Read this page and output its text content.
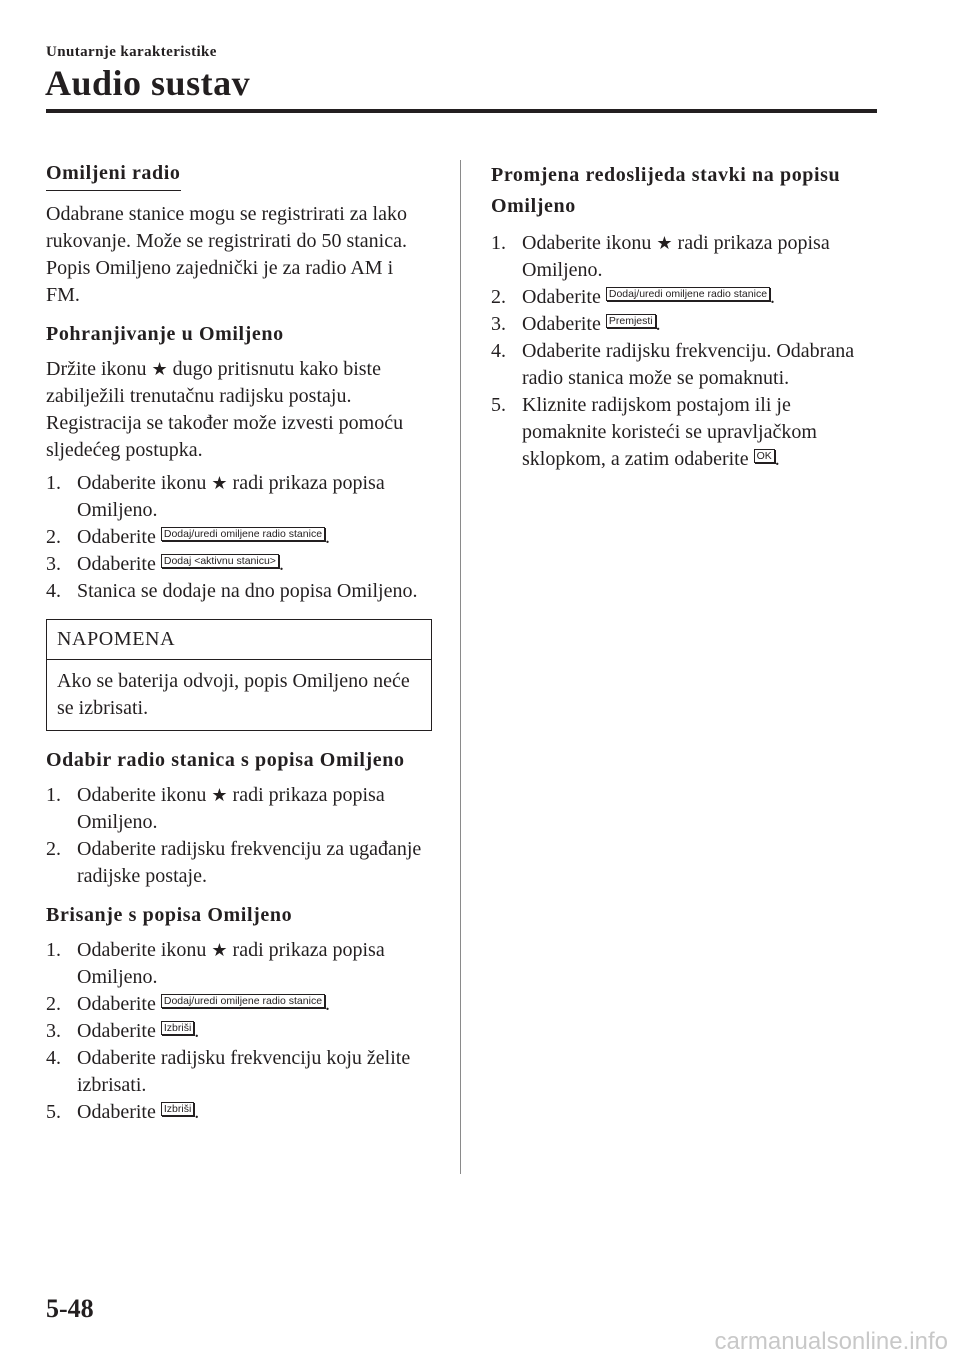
Unutarnje karakteristike
Audio sustav
Omiljeni radio

Odabrane stanice mogu se registrirati za lako rukovanje. Može se registrirati do 50 stanica. Popis Omiljeno zajednički je za radio AM i FM.

Pohranjivanje u Omiljeno

Držite ikonu ★ dugo pritisnutu kako biste zabilježili trenutačnu radijsku postaju. Registracija se također može izvesti pomoću sljedećeg postupka.

1. Odaberite ikonu ★ radi prikaza popisa Omiljeno.
2. Odaberite Dodaj/uredi omiljene radio stanice .
3. Odaberite Dodaj <aktivnu stanicu> .
4. Stanica se dodaje na dno popisa Omiljeno.
NAPOMENA
Ako se baterija odvoji, popis Omiljeno neće se izbrisati.
Odabir radio stanica s popisa Omiljeno
1. Odaberite ikonu ★ radi prikaza popisa Omiljeno.
2. Odaberite radijsku frekvenciju za ugađanje radijske postaje.
Brisanje s popisa Omiljeno
1. Odaberite ikonu ★ radi prikaza popisa Omiljeno.
2. Odaberite Dodaj/uredi omiljene radio stanice .
3. Odaberite Izbriši .
4. Odaberite radijsku frekvenciju koju želite izbrisati.
5. Odaberite Izbriši .
Promjena redoslijeda stavki na popisu Omiljeno
1. Odaberite ikonu ★ radi prikaza popisa Omiljeno.
2. Odaberite Dodaj/uredi omiljene radio stanice .
3. Odaberite Premjesti .
4. Odaberite radijsku frekvenciju. Odabrana radio stanica može se pomaknuti.
5. Kliznite radijskom postajom ili je pomaknite koristeći se upravljačkom sklopkom, a zatim odaberite OK .
5-48
carmanualsonline.info
